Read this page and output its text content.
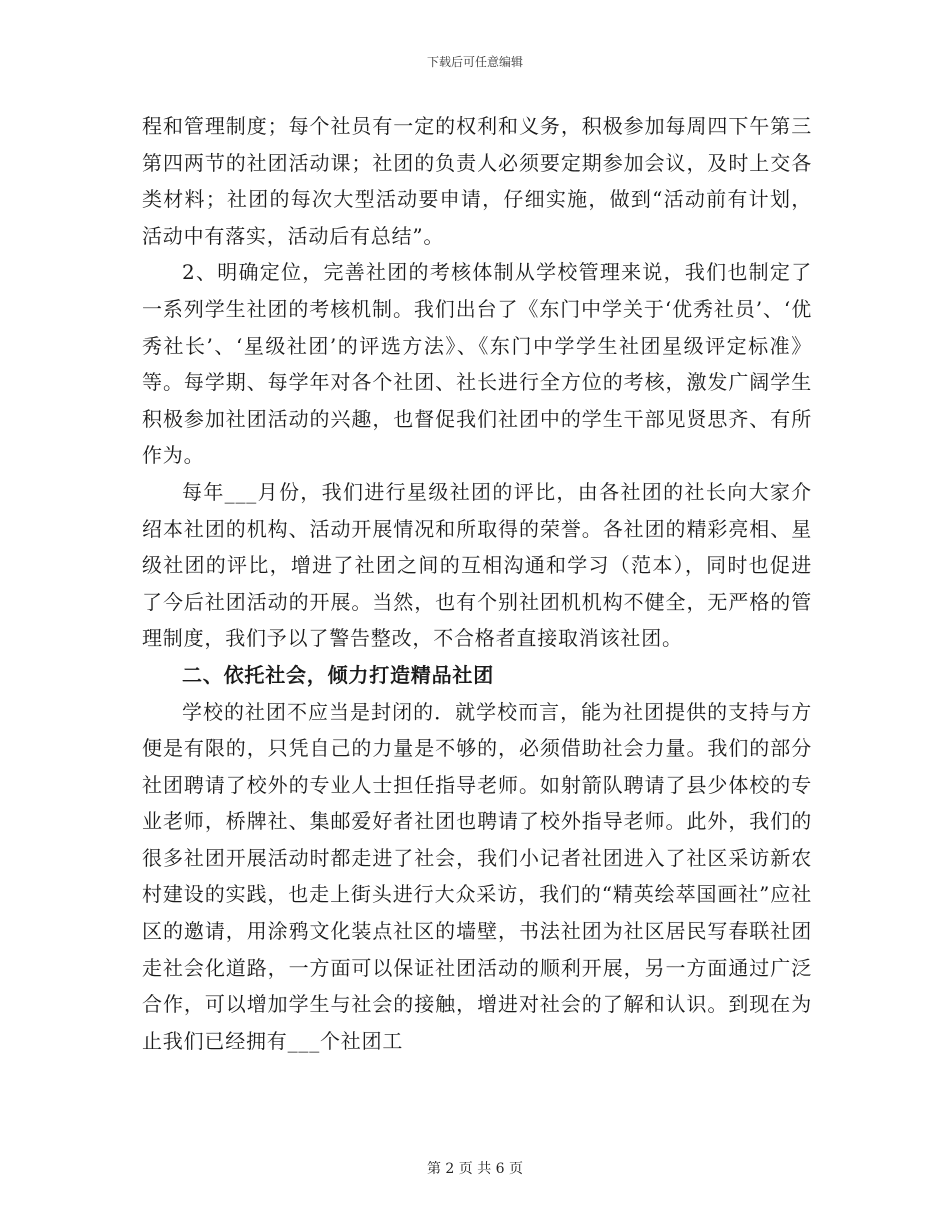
下载后可任意编辑

程和管理制度；每个社员有一定的权利和义务，积极参加每周四下午第三第四两节的社团活动课；社团的负责人必须要定期参加会议，及时上交各类材料；社团的每次大型活动要申请，仔细实施，做到“活动前有计划，活动中有落实，活动后有总结”。

2、明确定位，完善社团的考核体制从学校管理来说，我们也制定了一系列学生社团的考核机制。我们出台了《东门中学关于‘优秀社员’、‘优秀社长’、‘星级社团’的评选方法》、《东门中学学生社团星级评定标准》等。每学期、每学年对各个社团、社长进行全方位的考核，激发广阔学生积极参加社团活动的兴趣，也督促我们社团中的学生干部见贤思齐、有所作为。

每年___月份，我们进行星级社团的评比，由各社团的社长向大家介绍本社团的机构、活动开展情况和所取得的荣誉。各社团的精彩亮相、星级社团的评比，增进了社团之间的互相沟通和学习（范本），同时也促进了今后社团活动的开展。当然，也有个别社团机机构不健全，无严格的管理制度，我们予以了警告整改，不合格者直接取消该社团。

二、依托社会，倾力打造精品社团

学校的社团不应当是封闭的．就学校而言，能为社团提供的支持与方便是有限的，只凭自己的力量是不够的，必须借助社会力量。我们的部分社团聘请了校外的专业人士担任指导老师。如射箭队聘请了县少体校的专业老师，桥牌社、集邮爱好者社团也聘请了校外指导老师。此外，我们的很多社团开展活动时都走进了社会，我们小记者社团进入了社区采访新农村建设的实践，也走上街头进行大众采访，我们的“精英绘萃国画社”应社区的邀请，用涂鸦文化装点社区的墙壁，书法社团为社区居民写春联社团走社会化道路，一方面可以保证社团活动的顺利开展，另一方面通过广泛合作，可以增加学生与社会的接触，增进对社会的了解和认识。到现在为止我们已经拥有___个社团工

第 2 页 共 6 页
